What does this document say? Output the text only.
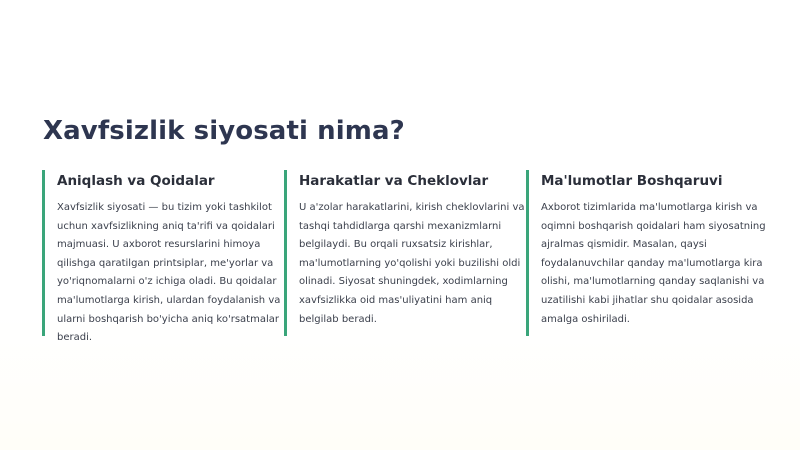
Xavfsizlik siyosati nima?
Aniqlash va Qoidalar

Xavfsizlik siyosati — bu tizim yoki tashkilot uchun xavfsizlikning aniq ta'rifi va qoidalari majmuasi. U axborot resurslarini himoya qilishga qaratilgan printsiplar, me'yorlar va yo'riqnomalarni o'z ichiga oladi. Bu qoidalar ma'lumotlarga kirish, ulardan foydalanish va ularni boshqarish bo'yicha aniq ko'rsatmalar beradi.

Harakatlar va Cheklovlar

U a'zolar harakatlarini, kirish cheklovlarini va tashqi tahdidlarga qarshi mexanizmlarni belgilaydi. Bu orqali ruxsatsiz kirishlar, ma'lumotlarning yo'qolishi yoki buzilishi oldi olinadi. Siyosat shuningdek, xodimlarning xavfsizlikka oid mas'uliyatini ham aniq belgilab beradi.

Ma'lumotlar Boshqaruvi

Axborot tizimlarida ma'lumotlarga kirish va oqimni boshqarish qoidalari ham siyosatning ajralmas qismidir. Masalan, qaysi foydalanuvchilar qanday ma'lumotlarga kira olishi, ma'lumotlarning qanday saqlanishi va uzatilishi kabi jihatlar shu qoidalar asosida amalga oshiriladi.
